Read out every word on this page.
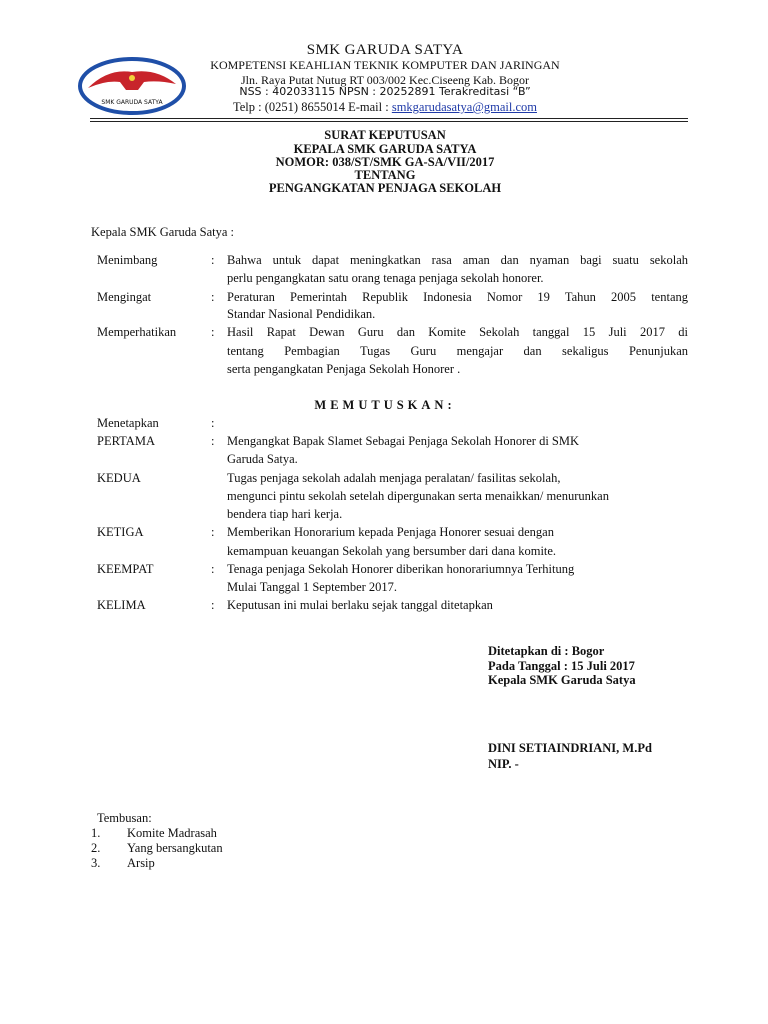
SMK GARUDA SATYA
SMK GARUDA SATYA
KOMPETENSI KEAHLIAN TEKNIK KOMPUTER DAN JARINGAN
Jln. Raya Putat Nutug RT 003/002 Kec.Ciseeng Kab. Bogor
NSS : 402033115 NPSN : 20252891 Terakreditasi “B”
Telp : (0251) 8655014 E-mail : smkgarudasatya@gmail.com
SURAT KEPUTUSAN
KEPALA SMK GARUDA SATYA
NOMOR: 038/ST/SMK GA-SA/VII/2017
TENTANG
PENGANGKATAN PENJAGA SEKOLAH
Kepala SMK Garuda Satya :
Menimbang	: Bahwa untuk dapat meningkatkan rasa aman dan nyaman bagi suatu sekolah
perlu pengangkatan satu orang tenaga penjaga sekolah honorer.
Mengingat	: Peraturan Pemerintah Republik Indonesia Nomor 19 Tahun 2005 tentang
Standar Nasional Pendidikan.
Memperhatikan	: Hasil Rapat Dewan Guru dan Komite Sekolah tanggal 15 Juli 2017 di
tentang Pembagian Tugas Guru mengajar dan sekaligus Penunjukan
serta pengangkatan Penjaga Sekolah Honorer .
MEMUTUSKAN:
Menetapkan	:
PERTAMA	: Mengangkat Bapak Slamet Sebagai Penjaga Sekolah Honorer di SMK
Garuda Satya.
KEDUA	Tugas penjaga sekolah adalah menjaga peralatan/ fasilitas sekolah,
mengunci pintu sekolah setelah dipergunakan serta menaikkan/ menurunkan
bendera tiap hari kerja.
KETIGA	: Memberikan Honorarium kepada Penjaga Honorer sesuai dengan
kemampuan keuangan Sekolah yang bersumber dari dana komite.
KEEMPAT	: Tenaga penjaga Sekolah Honorer diberikan honorariumnya Terhitung
Mulai Tanggal 1 September 2017.
KELIMA	: Keputusan ini mulai berlaku sejak tanggal ditetapkan
Ditetapkan di : Bogor
Pada Tanggal : 15 Juli 2017
Kepala SMK Garuda Satya
DINI SETIAINDRIANI, M.Pd
NIP. -
Tembusan:
1. Komite Madrasah
2. Yang bersangkutan
3. Arsip
